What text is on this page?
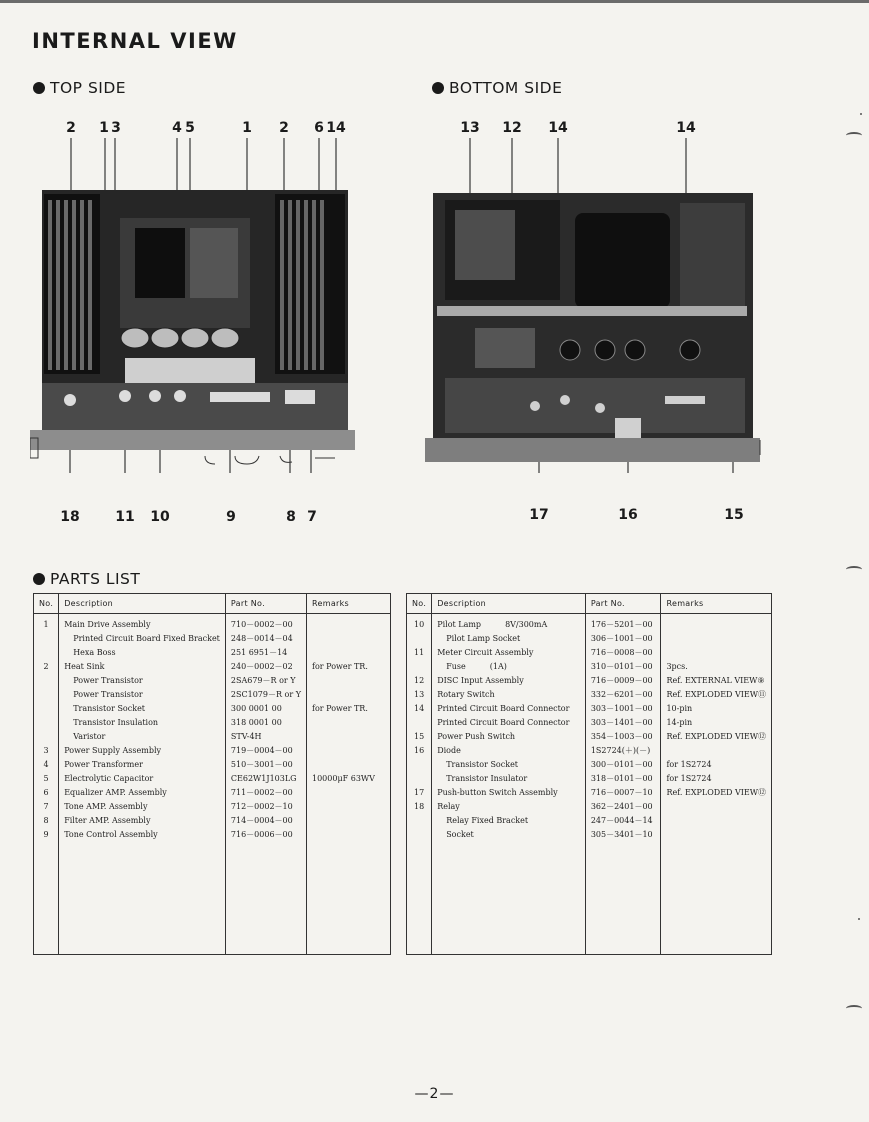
INTERNAL VIEW
TOP SIDE	BOTTOM SIDE
2 1 3	4 5	1 2 6 14
18	11 10	9	8 7
13 12 14	14
17	16	15
PARTS LIST
No.	Description	Part No.	Remarks
1	Main Drive Assembly	710－0002－00	
	Printed Circuit Board Fixed Bracket	248－0014－04	
	Hexa Boss	251 6951－14	
2	Heat Sink	240－0002－02	for Power TR.
	Power Transistor	2SA679－R or Y	
	Power Transistor	2SC1079－R or Y	
	Transistor Socket	300 0001 00	for Power TR.
	Transistor Insulation	318 0001 00	
	Varistor	STV-4H	
3	Power Supply Assembly	719－0004－00	
4	Power Transformer	510－3001－00	
5	Electrolytic Capacitor	CE62W1J103LG	10000μF 63WV
6	Equalizer AMP. Assembly	711－0002－00	
7	Tone AMP. Assembly	712－0002－10	
8	Filter AMP. Assembly	714－0004－00	
9	Tone Control Assembly	716－0006－00	

No.	Description	Part No.	Remarks
10	Pilot Lamp 8V/300mA	176－5201－00	
	Pilot Lamp Socket	306－1001－00	
11	Meter Circuit Assembly	716－0008－00	
	Fuse (1A)	310－0101－00	3pcs.
12	DISC Input Assembly	716－0009－00	Ref. EXTERNAL VIEW⑨
13	Rotary Switch	332－6201－00	Ref. EXPLODED VIEW⑪
14	Printed Circuit Board Connector	303－1001－00	10-pin
	Printed Circuit Board Connector	303－1401－00	14-pin
15	Power Push Switch	354－1003－00	Ref. EXPLODED VIEW⑫
16	Diode	1S2724(＋)(－)	
	Transistor Socket	300－0101－00	for 1S2724
	Transistor Insulator	318－0101－00	for 1S2724
17	Push-button Switch Assembly	716－0007－10	Ref. EXPLODED VIEW⑫
18	Relay	362－2401－00	
	Relay Fixed Bracket	247－0044－14	
	Socket	305－3401－10	

—2—
